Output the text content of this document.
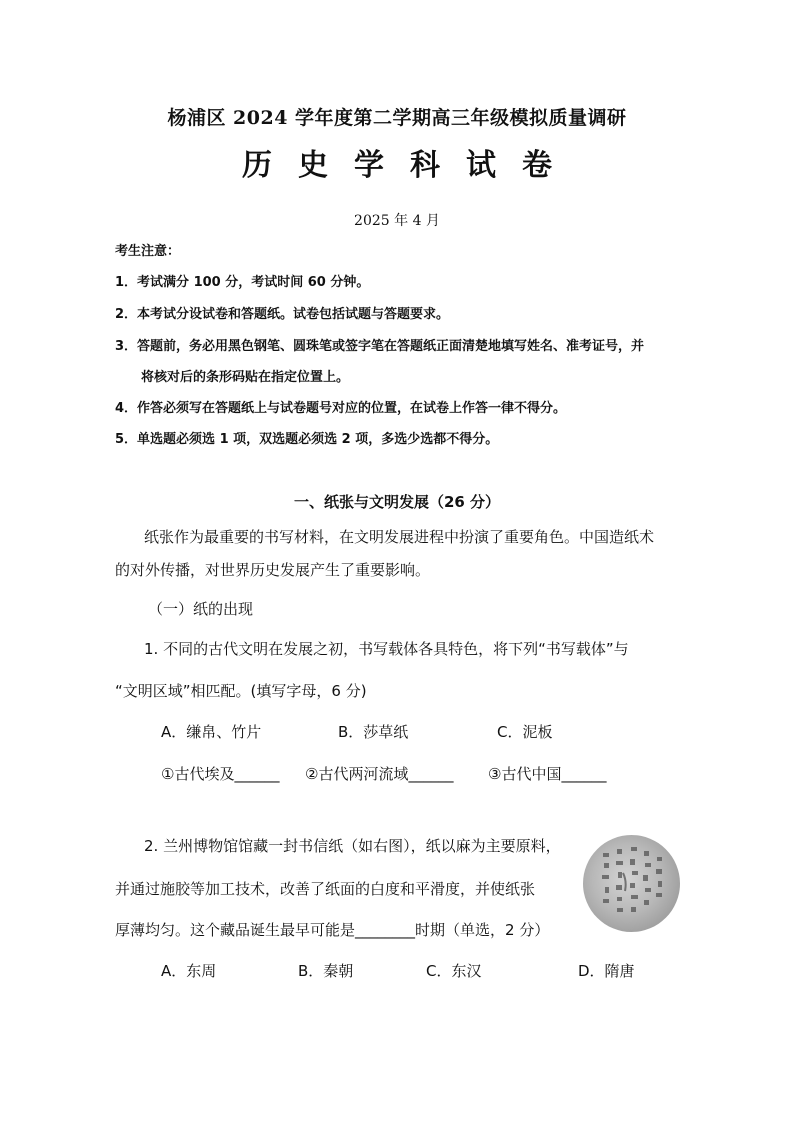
杨浦区 2024 学年度第二学期高三年级模拟质量调研
历史学科试卷
2025 年 4 月
考生注意：
1．考试满分 100 分，考试时间 60 分钟。
2．本考试分设试卷和答题纸。试卷包括试题与答题要求。
3．答题前，务必用黑色钢笔、圆珠笔或签字笔在答题纸正面清楚地填写姓名、准考证号，并
将核对后的条形码贴在指定位置上。
4．作答必须写在答题纸上与试卷题号对应的位置，在试卷上作答一律不得分。
5．单选题必须选 1 项，双选题必须选 2 项，多选少选都不得分。
一、纸张与文明发展（26 分）
纸张作为最重要的书写材料，在文明发展进程中扮演了重要角色。中国造纸术
的对外传播，对世界历史发展产生了重要影响。
（一）纸的出现
1. 不同的古代文明在发展之初，书写载体各具特色，将下列“书写载体”与
“文明区域”相匹配。(填写字母，6 分)
A．缣帛、竹片	B．莎草纸	C．泥板
①古代埃及______ ②古代两河流域______ ③古代中国______
2. 兰州博物馆馆藏一封书信纸（如右图），纸以麻为主要原料，
并通过施胶等加工技术，改善了纸面的白度和平滑度，并使纸张
厚薄均匀。这个藏品诞生最早可能是________时期（单选，2 分）
A．东周	B．秦朝	C．东汉	D．隋唐
